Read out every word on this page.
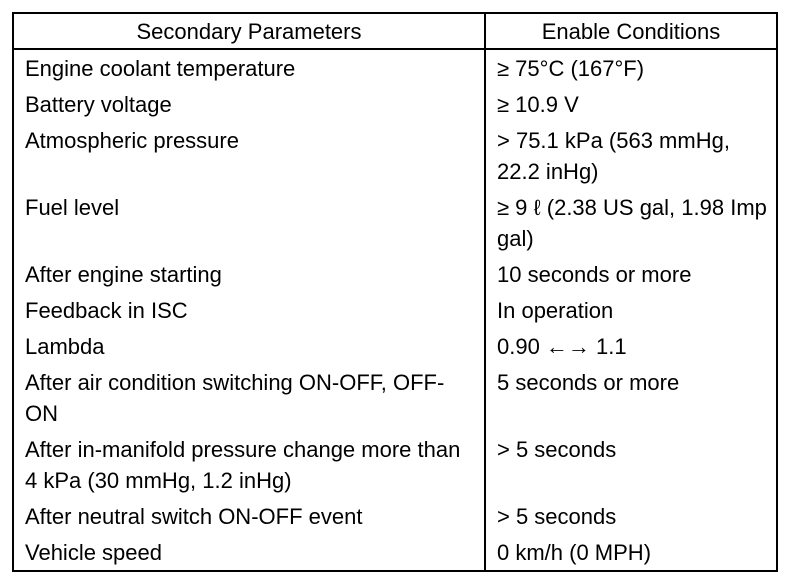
Secondary Parameters	Enable Conditions
Engine coolant temperature	≥ 75°C (167°F)
Battery voltage	≥ 10.9 V
Atmospheric pressure	> 75.1 kPa (563 mmHg, 22.2 inHg)
Fuel level	≥ 9 ℓ (2.38 US gal, 1.98 Imp gal)
After engine starting	10 seconds or more
Feedback in ISC	In operation
Lambda	0.90 ←→ 1.1
After air condition switching ON-OFF, OFF-ON	5 seconds or more
After in-manifold pressure change more than 4 kPa (30 mmHg, 1.2 inHg)	> 5 seconds
After neutral switch ON-OFF event	> 5 seconds
Vehicle speed	0 km/h (0 MPH)
